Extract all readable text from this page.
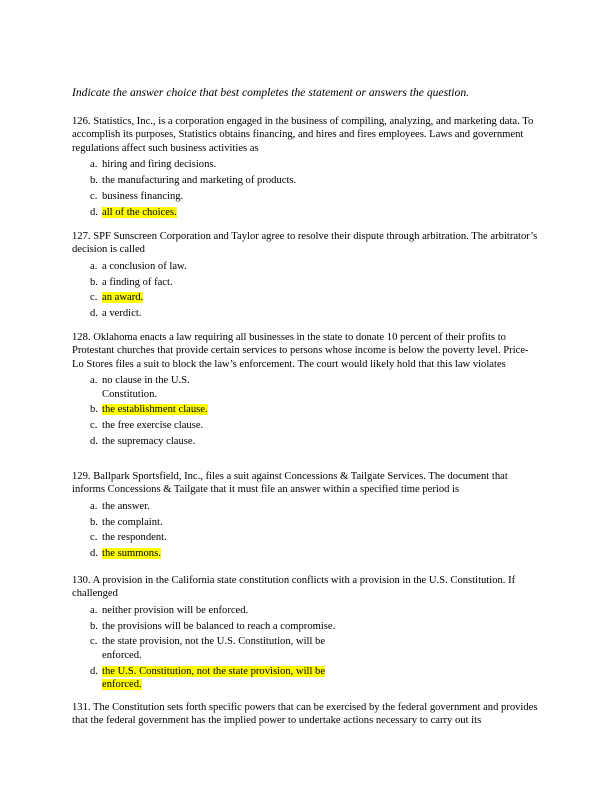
Indicate the answer choice that best completes the statement or answers the question.

126. Statistics, Inc., is a corporation engaged in the business of compiling, analyzing, and marketing data. To accomplish its purposes, Statistics obtains financing, and hires and fires employees. Laws and government regulations affect such business activities as

a. hiring and firing decisions.
b. the manufacturing and marketing of products.
c. business financing.
d. all of the choices.

127. SPF Sunscreen Corporation and Taylor agree to resolve their dispute through arbitration. The arbitrator’s decision is called

a. a conclusion of law.
b. a finding of fact.
c. an award.
d. a verdict.

128. Oklahoma enacts a law requiring all businesses in the state to donate 10 percent of their profits to Protestant churches that provide certain services to persons whose income is below the poverty level. Price-Lo Stores files a suit to block the law’s enforcement. The court would likely hold that this law violates

a. no clause in the U.S. Constitution.
b. the establishment clause.
c. the free exercise clause.
d. the supremacy clause.

129. Ballpark Sportsfield, Inc., files a suit against Concessions & Tailgate Services. The document that informs Concessions & Tailgate that it must file an answer within a specified time period is

a. the answer.
b. the complaint.
c. the respondent.
d. the summons.

130. A provision in the California state constitution conflicts with a provision in the U.S. Constitution. If challenged

a. neither provision will be enforced.
b. the provisions will be balanced to reach a compromise.
c. the state provision, not the U.S. Constitution, will be enforced.
d. the U.S. Constitution, not the state provision, will be enforced.

131. The Constitution sets forth specific powers that can be exercised by the federal government and provides that the federal government has the implied power to undertake actions necessary to carry out its
